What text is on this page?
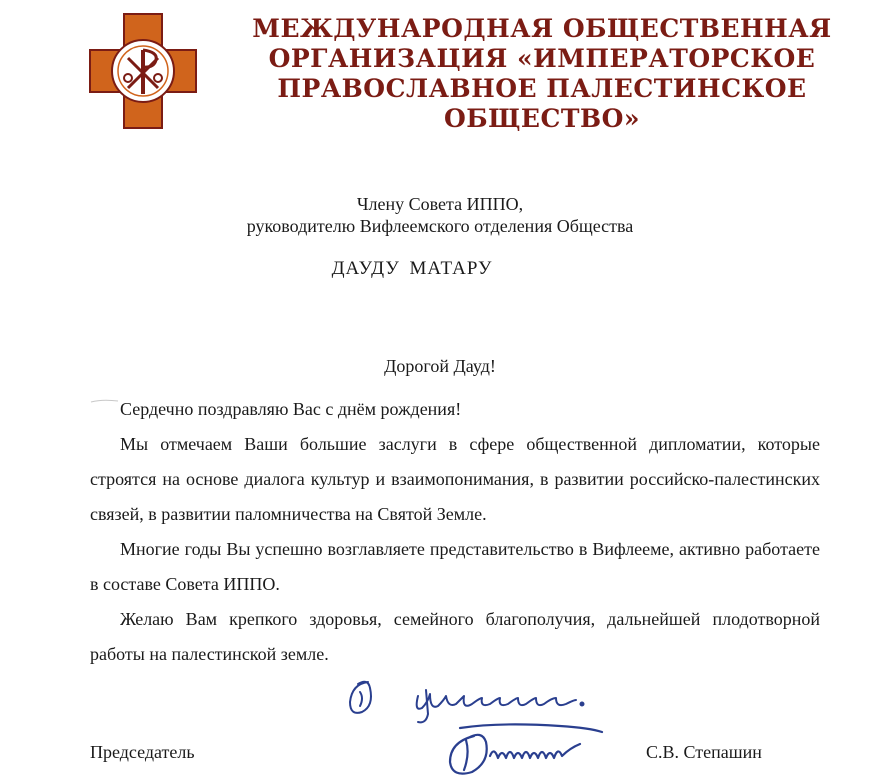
МЕЖДУНАРОДНАЯ ОБЩЕСТВЕННАЯ
ОРГАНИЗАЦИЯ «ИМПЕРАТОРСКОЕ
ПРАВОСЛАВНОЕ ПАЛЕСТИНСКОЕ ОБЩЕСТВО»
Члену Совета ИППО,
руководителю Вифлеемского отделения Общества
ДАУДУ МАТАРУ
Дорогой Дауд!

Сердечно поздравляю Вас с днём рождения!

Мы отмечаем Ваши большие заслуги в сфере общественной дипломатии, которые строятся на основе диалога культур и взаимопонимания, в развитии российско-палестинских связей, в развитии паломничества на Святой Земле.

Многие годы Вы успешно возглавляете представительство в Вифлееме, активно работаете в составе Совета ИППО.

Желаю Вам крепкого здоровья, семейного благополучия, дальнейшей плодотворной работы на палестинской земле.

Председатель	С.В. Степашин
